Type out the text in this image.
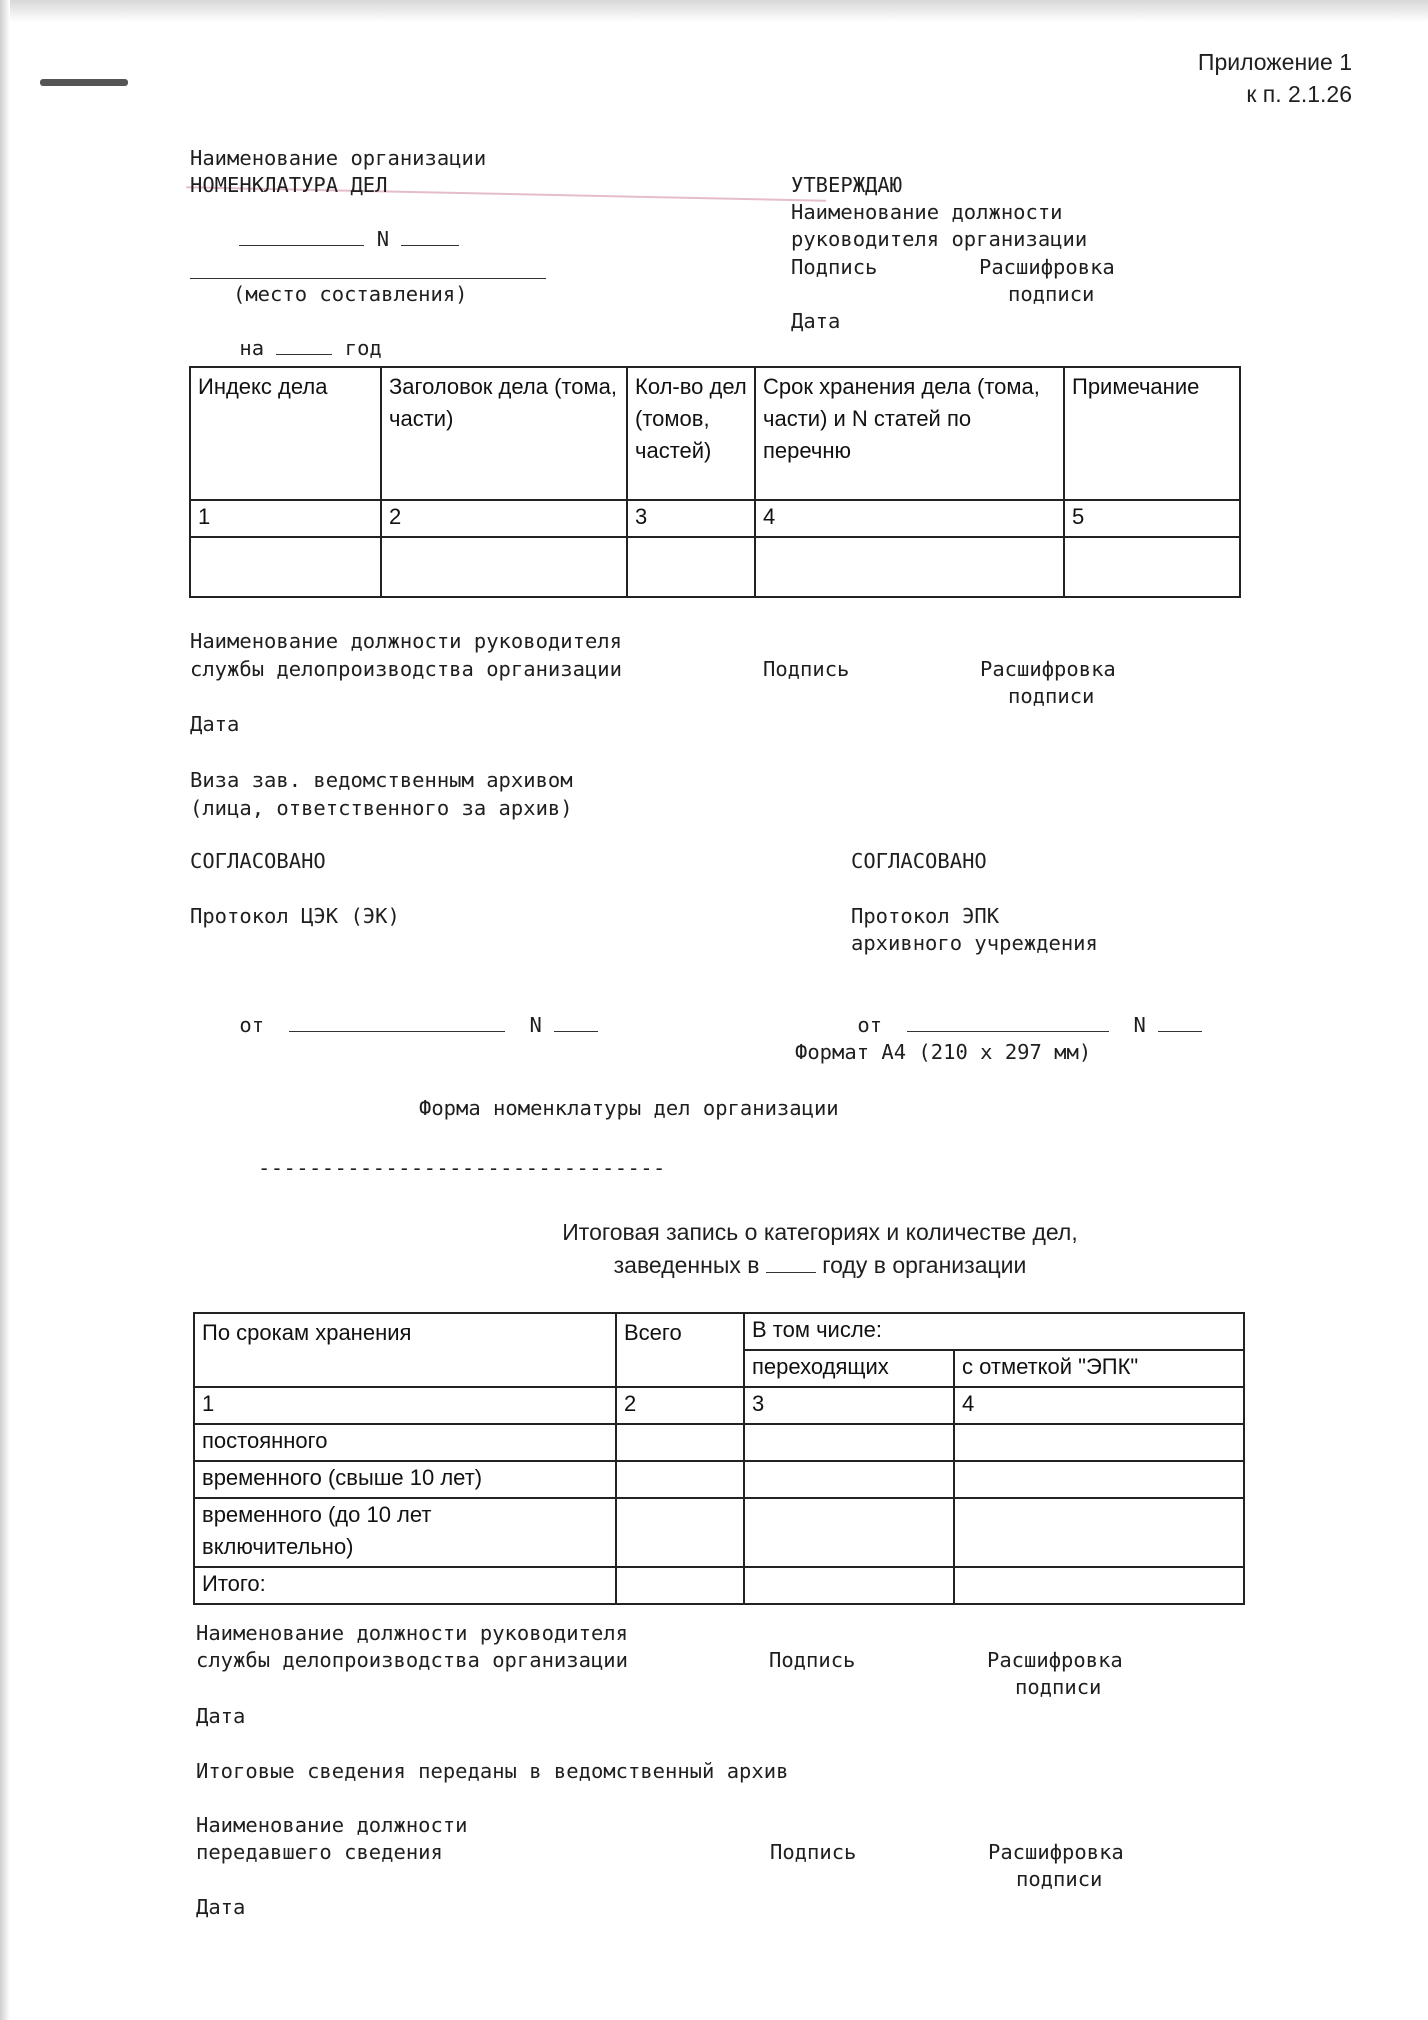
Приложение 1
к п. 2.1.26
Наименование организации
НОМЕНКЛАТУРА ДЕЛ

N

(место составления)

на	год

УТВЕРЖДАЮ
Наименование должности
руководителя организации
Подпись	Расшифровка
подписи
Дата
Индекс дела	Заголовок дела (тома, части)	Кол-во дел (томов, частей)	Срок хранения дела (тома, части) и N статей по перечню	Примечание
1	2	3	4	5

Наименование должности руководителя
службы делопроизводства организации	Подпись	Расшифровка
подписи
Дата
Виза зав. ведомственным архивом
(лица, ответственного за архив)
СОГЛАСОВАНО
Протокол ЦЭК (ЭК)

от	N

СОГЛАСОВАНО
Протокол ЭПК
архивного учреждения

от	N

Формат А4 (210 x 297 мм)
Форма номенклатуры дел организации
--------------------------------
Итоговая запись о категориях и количестве дел,
заведенных в	году в организации
По срокам хранения	Всего	В том числе:	
		переходящих	с отметкой "ЭПК"
1	2	3	4
постоянного			
временного (свыше 10 лет)			
временного (до 10 лет включительно)			
Итого:			
Наименование должности руководителя
службы делопроизводства организации	Подпись	Расшифровка
подписи
Дата
Итоговые сведения переданы в ведомственный архив
Наименование должности
передавшего сведения	Подпись	Расшифровка
подписи
Дата
